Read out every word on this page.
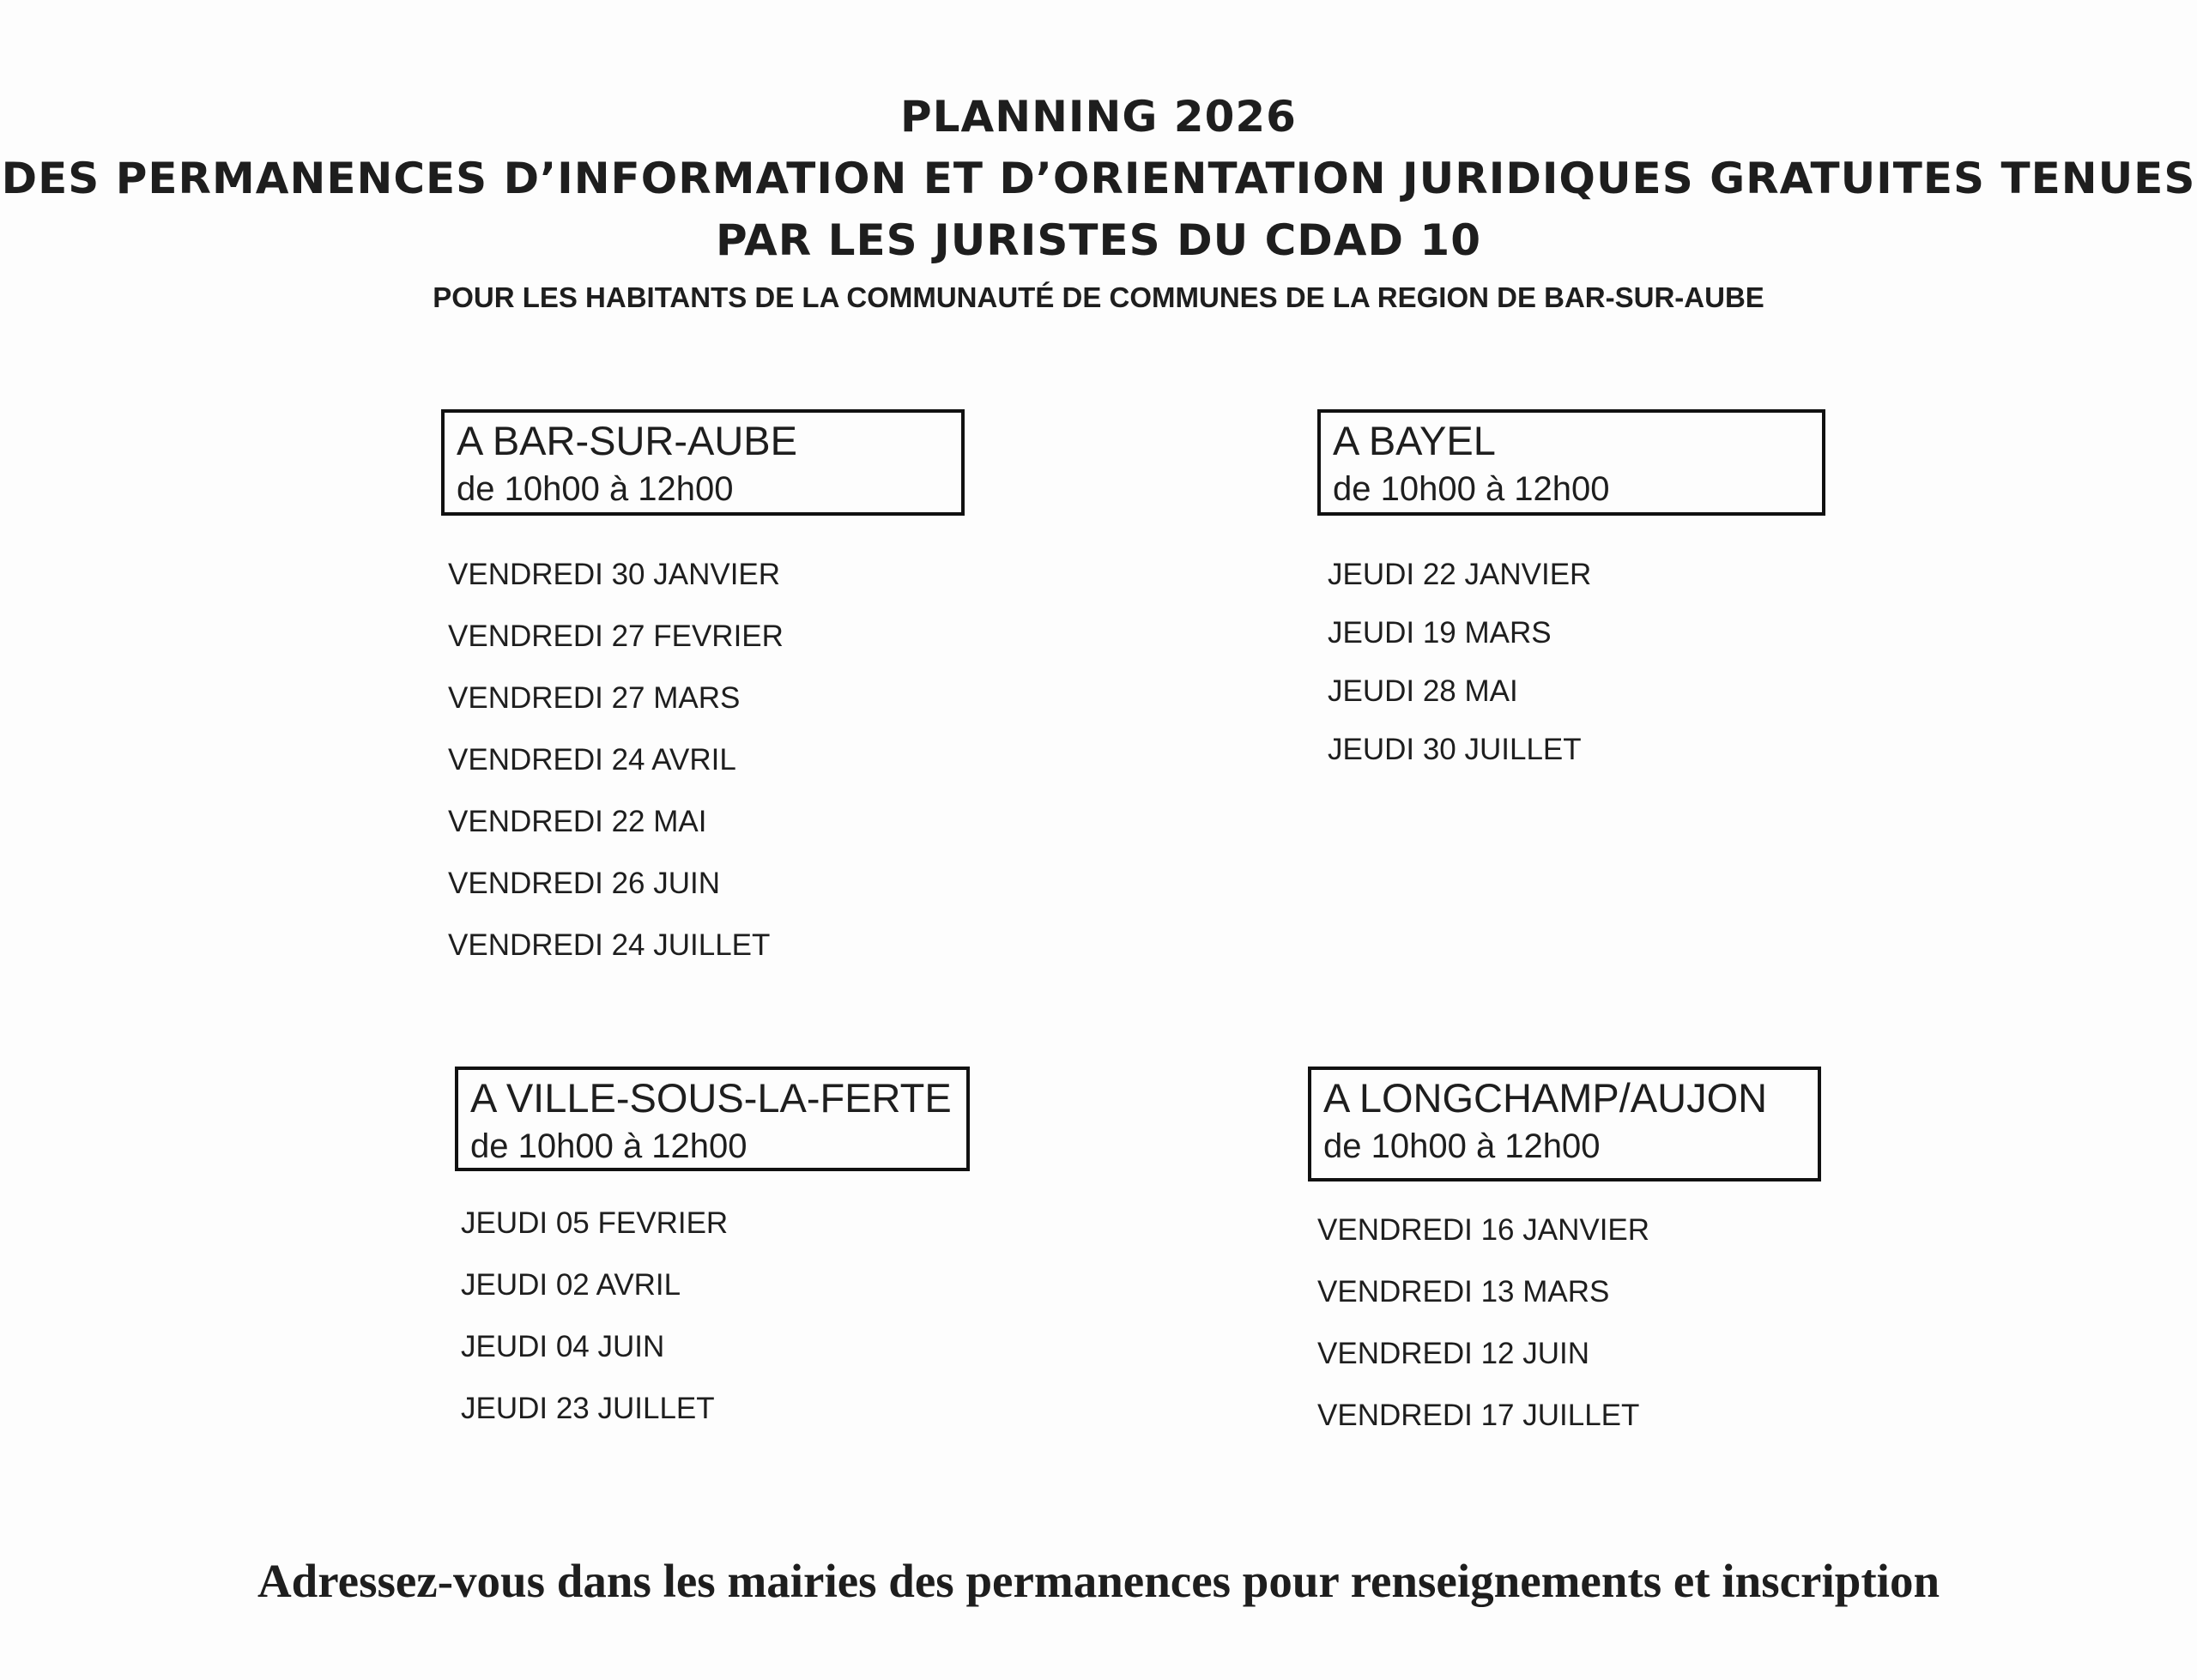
PLANNING 2026
DES PERMANENCES D’INFORMATION ET D’ORIENTATION JURIDIQUES GRATUITES TENUES
PAR LES JURISTES DU CDAD 10
POUR LES HABITANTS DE LA COMMUNAUTÉ DE COMMUNES DE LA REGION DE BAR-SUR-AUBE
A BAR-SUR-AUBE
de 10h00 à 12h00
VENDREDI 30 JANVIER
VENDREDI 27 FEVRIER
VENDREDI 27 MARS
VENDREDI 24 AVRIL
VENDREDI 22 MAI
VENDREDI 26 JUIN
VENDREDI 24 JUILLET
A BAYEL
de 10h00 à 12h00
JEUDI 22 JANVIER
JEUDI 19 MARS
JEUDI 28 MAI
JEUDI 30 JUILLET
A VILLE-SOUS-LA-FERTE
de 10h00 à 12h00
JEUDI 05 FEVRIER
JEUDI 02 AVRIL
JEUDI 04 JUIN
JEUDI 23 JUILLET
A LONGCHAMP/AUJON
de 10h00 à 12h00
VENDREDI 16 JANVIER
VENDREDI 13 MARS
VENDREDI 12 JUIN
VENDREDI 17 JUILLET
Adressez-vous dans les mairies des permanences pour renseignements et inscription
